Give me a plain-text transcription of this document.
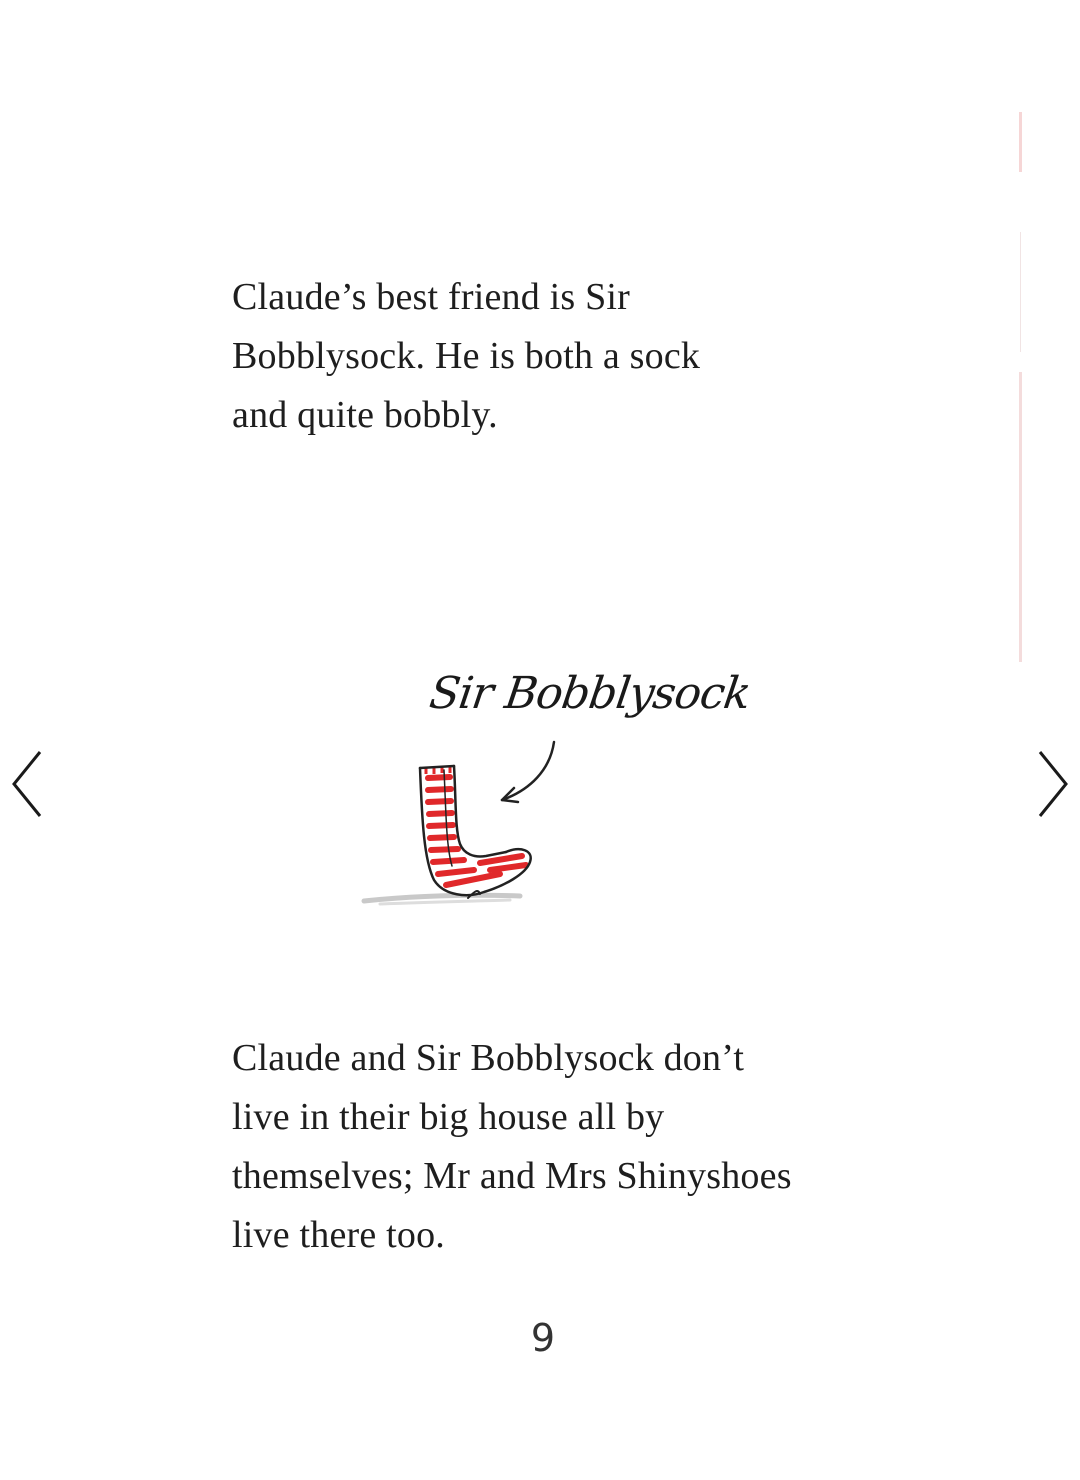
Claude’s best friend is Sir
Bobblysock. He is both a sock
and quite bobbly.

Sir Bobblysock

Claude and Sir Bobblysock don’t
live in their big house all by
themselves; Mr and Mrs Shinyshoes
live there too.

9
